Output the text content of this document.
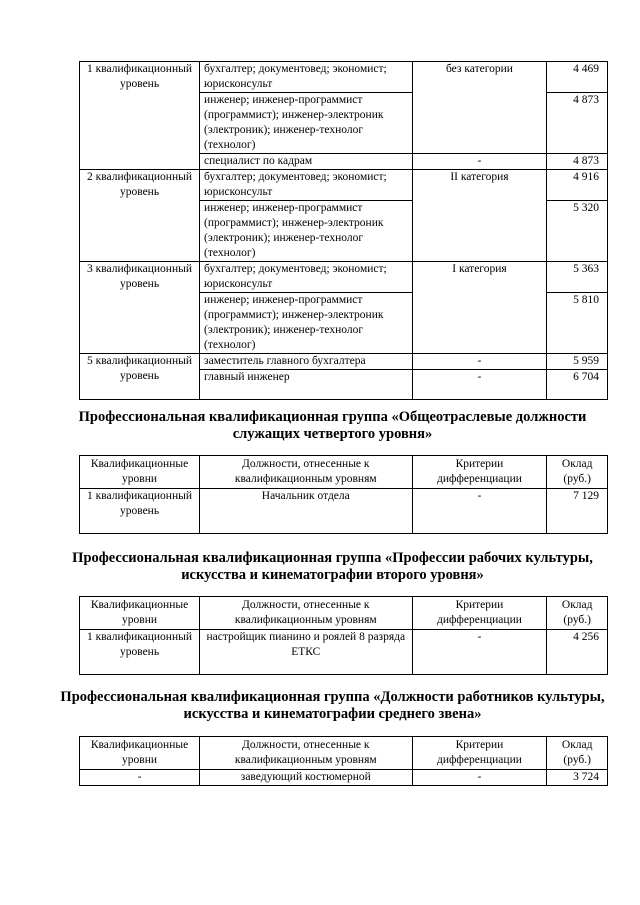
1 квалификационный уровень	бухгалтер; документовед; экономист; юрисконсульт	без категории	4 469
	инженер; инженер-программист (программист); инженер-электроник (электроник); инженер-технолог (технолог)		4 873
	специалист по кадрам	-	4 873
2 квалификационный уровень	бухгалтер; документовед; экономист; юрисконсульт	II категория	4 916
	инженер; инженер-программист (программист); инженер-электроник (электроник); инженер-технолог (технолог)		5 320
3 квалификационный уровень	бухгалтер; документовед; экономист; юрисконсульт	I категория	5 363
	инженер; инженер-программист (программист); инженер-электроник (электроник); инженер-технолог (технолог)		5 810
5 квалификационный уровень	заместитель главного бухгалтера	-	5 959
	главный инженер	-	6 704
Профессиональная квалификационная группа «Общеотраслевые должности служащих четвертого уровня»
Квалификационные уровни	Должности, отнесенные к квалификационным уровням	Критерии дифференциации	Оклад (руб.)
1 квалификационный уровень	Начальник отдела	-	7 129
Профессиональная квалификационная группа «Профессии рабочих культуры, искусства и кинематографии второго уровня»
Квалификационные уровни	Должности, отнесенные к квалификационным уровням	Критерии дифференциации	Оклад (руб.)
1 квалификационный уровень	настройщик пианино и роялей 8 разряда ЕТКС	-	4 256
Профессиональная квалификационная группа «Должности работников культуры, искусства и кинематографии среднего звена»
Квалификационные уровни	Должности, отнесенные к квалификационным уровням	Критерии дифференциации	Оклад (руб.)
-	заведующий костюмерной	-	3 724
